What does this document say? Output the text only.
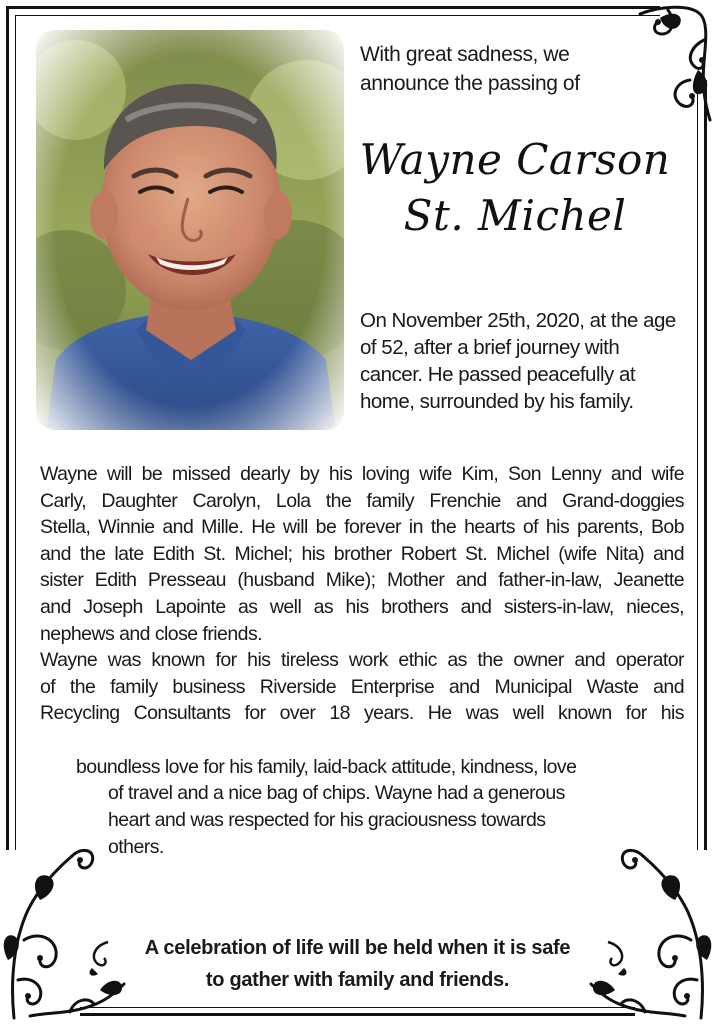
With great sadness, we
announce the passing of
Wayne Carson
St. Michel
On November 25th, 2020, at the age
of 52, after a brief journey with
cancer. He passed peacefully at
home, surrounded by his family.
Wayne will be missed dearly by his loving wife Kim, Son Lenny and wife
Carly, Daughter Carolyn, Lola the family Frenchie and Grand-doggies
Stella, Winnie and Mille. He will be forever in the hearts of his parents, Bob
and the late Edith St. Michel; his brother Robert St. Michel (wife Nita) and
sister Edith Presseau (husband Mike); Mother and father-in-law, Jeanette
and Joseph Lapointe as well as his brothers and sisters-in-law, nieces,
nephews and close friends.
Wayne was known for his tireless work ethic as the owner and operator
of the family business Riverside Enterprise and Municipal Waste and
Recycling Consultants for over 18 years. He was well known for his
boundless love for his family, laid-back attitude, kindness, love
of travel and a nice bag of chips. Wayne had a generous
heart and was respected for his graciousness towards
others.
A celebration of life will be held when it is safe
to gather with family and friends.
